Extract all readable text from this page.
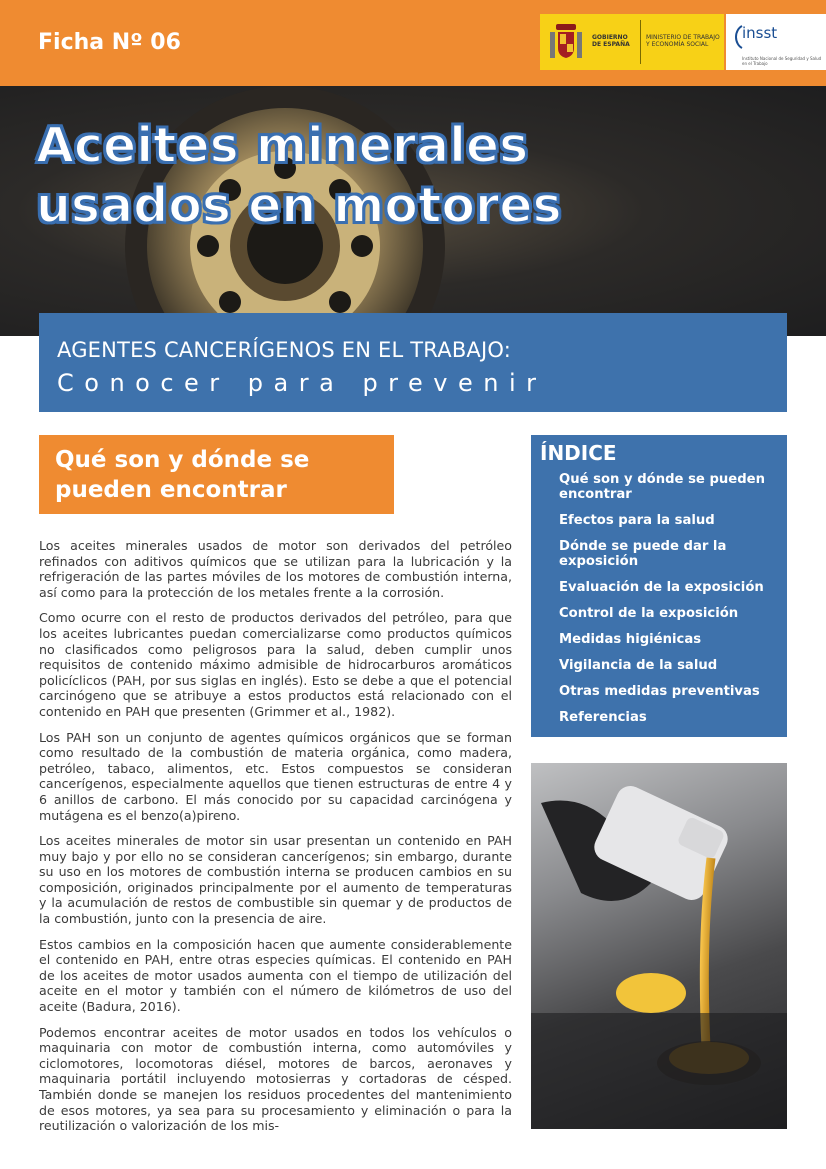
Ficha Nº 06	GOBIERNO DE ESPAÑA
MINISTERIO DE TRABAJO Y ECONOMÍA SOCIAL
insst
Instituto Nacional de Seguridad y Salud en el Trabajo
Aceites minerales
usados en motores
AGENTES CANCERÍGENOS EN EL TRABAJO:
Conocer para prevenir
Qué son y dónde se pueden encontrar

Los aceites minerales usados de motor son derivados del petróleo refinados con aditivos químicos que se utilizan para la lubricación y la refrigeración de las partes móviles de los motores de combustión interna, así como para la protección de los metales frente a la corrosión.

Como ocurre con el resto de productos derivados del petróleo, para que los aceites lubricantes puedan comercializarse como productos químicos no clasificados como peligrosos para la salud, deben cumplir unos requisitos de contenido máximo admisible de hidrocarburos aromáticos policíclicos (PAH, por sus siglas en inglés). Esto se debe a que el potencial carcinógeno que se atribuye a estos productos está relacionado con el contenido en PAH que presenten (Grimmer et al., 1982).

Los PAH son un conjunto de agentes químicos orgánicos que se forman como resultado de la combustión de materia orgánica, como madera, petróleo, tabaco, alimentos, etc. Estos compuestos se consideran cancerígenos, especialmente aquellos que tienen estructuras de entre 4 y 6 anillos de carbono. El más conocido por su capacidad carcinógena y mutágena es el benzo(a)pireno.

Los aceites minerales de motor sin usar presentan un contenido en PAH muy bajo y por ello no se consideran cancerígenos; sin embargo, durante su uso en los motores de combustión interna se producen cambios en su composición, originados principalmente por el aumento de temperaturas y la acumulación de restos de combustible sin quemar y de productos de la combustión, junto con la presencia de aire.

Estos cambios en la composición hacen que aumente considerablemente el contenido en PAH, entre otras especies químicas. El contenido en PAH de los aceites de motor usados aumenta con el tiempo de utilización del aceite en el motor y también con el número de kilómetros de uso del aceite (Badura, 2016).

Podemos encontrar aceites de motor usados en todos los vehículos o maquinaria con motor de combustión interna, como automóviles y ciclomotores, locomotoras diésel, motores de barcos, aeronaves y maquinaria portátil incluyendo motosierras y cortadoras de césped. También donde se manejen los residuos procedentes del mantenimiento de esos motores, ya sea para su procesamiento y eliminación o para la reutilización o valorización de los mis-

ÍNDICE
Qué son y dónde se pueden encontrar
Efectos para la salud
Dónde se puede dar la exposición
Evaluación de la exposición
Control de la exposición
Medidas higiénicas
Vigilancia de la salud
Otras medidas preventivas
Referencias
